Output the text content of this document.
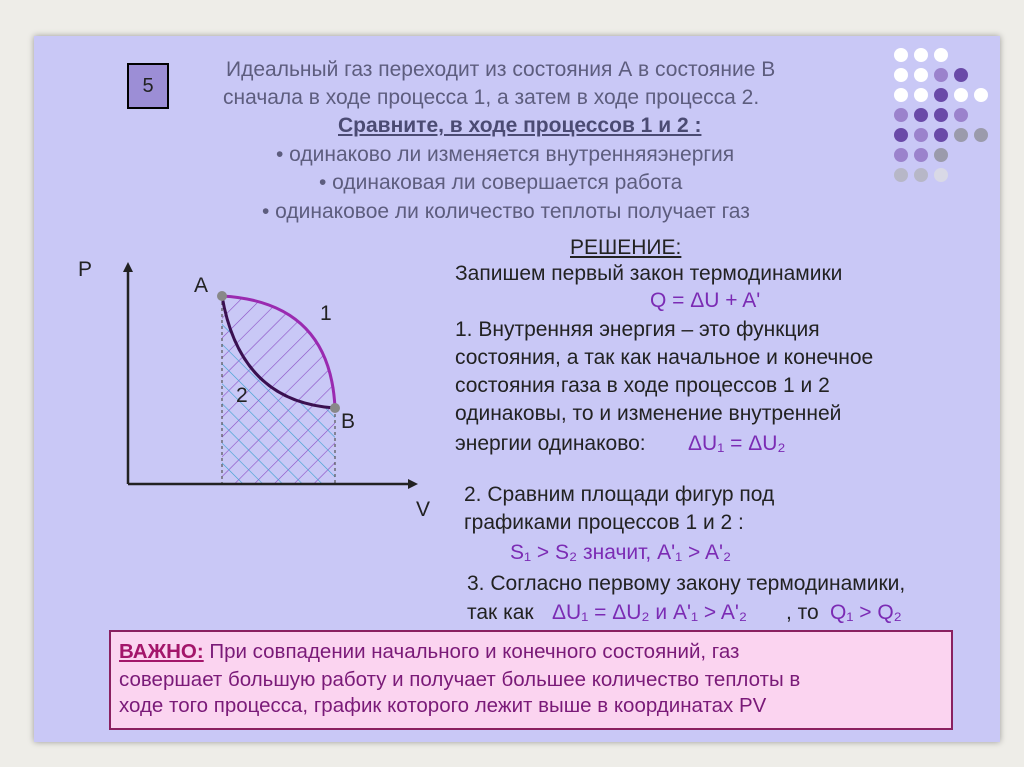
5
Идеальный газ переходит из состояния А в состояние В
сначала в ходе процесса 1, а затем в ходе процесса 2.
Сравните, в ходе процессов 1 и 2 :
• одинаково ли изменяется внутренняяэнергия
• одинаковая ли совершается работа
• одинаковое ли количество теплоты получает газ
P
V
A
B
1
2
РЕШЕНИЕ:
Запишем первый закон термодинамики
Q = ΔU + A'
1. Внутренняя энергия – это функция
состояния, а так как начальное и конечное
состояния газа в ходе процессов 1 и 2
одинаковы, то и изменение внутренней
энергии одинаково: ΔU₁ = ΔU₂
2. Сравним площади фигур под
графиками процессов 1 и 2 :
S₁ > S₂ значит, A'₁ > A'₂
3. Согласно первому закону термодинамики,
так как ΔU₁ = ΔU₂ и A'₁ > A'₂ , то Q₁ > Q₂
ВАЖНО: При совпадении начального и конечного состояний, газ
совершает большую работу и получает большее количество теплоты в
ходе того процесса, график которого лежит выше в координатах PV
